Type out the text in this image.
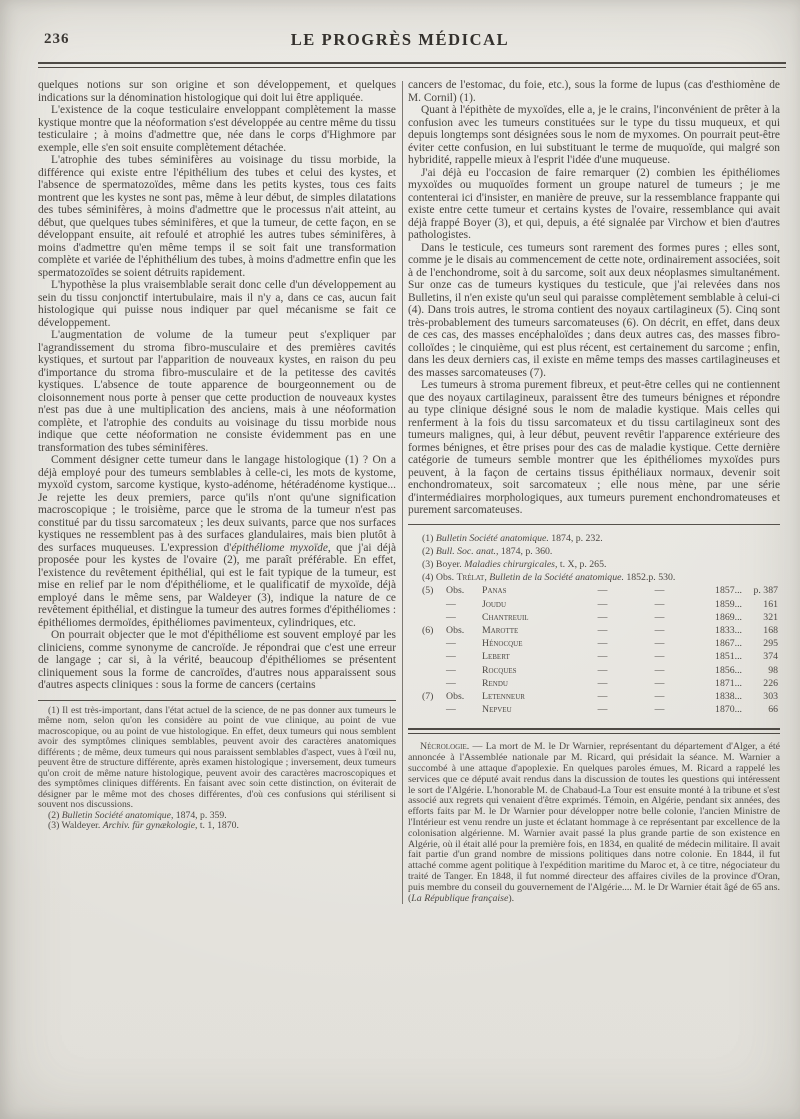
236	LE PROGRÈS MÉDICAL

quelques notions sur son origine et son développement, et quelques indications sur la dénomination histologique qui doit lui être appliquée.

L'existence de la coque testiculaire enveloppant complètement la masse kystique montre que la néoformation s'est développée au centre même du tissu testiculaire ; à moins d'admettre que, née dans le corps d'Highmore par exemple, elle s'en soit ensuite complètement détachée.

L'atrophie des tubes séminifères au voisinage du tissu morbide, la différence qui existe entre l'épithélium des tubes et celui des kystes, et l'absence de spermatozoïdes, même dans les petits kystes, tous ces faits montrent que les kystes ne sont pas, même à leur début, de simples dilatations des tubes séminifères, à moins d'admettre que le processus n'ait atteint, au début, que quelques tubes séminifères, et que la tumeur, de cette façon, en se développant ensuite, ait refoulé et atrophié les autres tubes séminifères, à moins d'admettre qu'en même temps il se soit fait une transformation complète et variée de l'éphithélium des tubes, à moins d'admettre enfin que les spermatozoïdes se soient détruits rapidement.

L'hypothèse la plus vraisemblable serait donc celle d'un développement au sein du tissu conjonctif intertubulaire, mais il n'y a, dans ce cas, aucun fait histologique qui puisse nous indiquer par quel mécanisme se fait ce développement.

L'augmentation de volume de la tumeur peut s'expliquer par l'agrandissement du stroma fibro-musculaire et des premières cavités kystiques, et surtout par l'apparition de nouveaux kystes, en raison du peu d'importance du stroma fibro-musculaire et de la petitesse des cavités kystiques. L'absence de toute apparence de bourgeonnement ou de cloisonnement nous porte à penser que cette production de nouveaux kystes n'est pas due à une multiplication des anciens, mais à une néoformation complète, et l'atrophie des conduits au voisinage du tissu morbide nous indique que cette néoformation ne consiste évidemment pas en une transformation des tubes séminifères.

Comment désigner cette tumeur dans le langage histologique (1) ? On a déjà employé pour des tumeurs semblables à celle-ci, les mots de kystome, myxoïd cystom, sarcome kystique, kysto-adénome, hétéradénome kystique... Je rejette les deux premiers, parce qu'ils n'ont qu'une signification macroscopique ; le troisième, parce que le stroma de la tumeur n'est pas constitué par du tissu sarcomateux ; les deux suivants, parce que nos surfaces kystiques ne ressemblent pas à des surfaces glandulaires, mais bien plutôt à des surfaces muqueuses. L'expression d'épithéliome myxoïde, que j'ai déjà proposée pour les kystes de l'ovaire (2), me paraît préférable. En effet, l'existence du revêtement épithélial, qui est le fait typique de la tumeur, est mise en relief par le nom d'épithéliome, et le qualificatif de myxoïde, déjà employé dans le même sens, par Waldeyer (3), indique la nature de ce revêtement épithélial, et distingue la tumeur des autres formes d'épithéliomes : épithéliomes dermoïdes, épithéliomes pavimenteux, cylindriques, etc.

On pourrait objecter que le mot d'épithéliome est souvent employé par les cliniciens, comme synonyme de cancroïde. Je répondrai que c'est une erreur de langage ; car si, à la vérité, beaucoup d'épithéliomes se présentent cliniquement sous la forme de cancroïdes, d'autres nous apparaissent sous d'autres aspects cliniques : sous la forme de cancers (certains

(1) Il est très-important, dans l'état actuel de la science, de ne pas donner aux tumeurs le même nom, selon qu'on les considère au point de vue clinique, au point de vue macroscopique, ou au point de vue histologique. En effet, deux tumeurs qui nous semblent avoir des symptômes cliniques semblables, peuvent avoir des caractères anatomiques différents ; de même, deux tumeurs qui nous paraissent semblables d'aspect, vues à l'œil nu, peuvent être de structure différente, après examen histologique ; inversement, deux tumeurs qu'on croit de même nature histologique, peuvent avoir des caractères macroscopiques et des symptômes cliniques différents. En faisant avec soin cette distinction, on éviterait de désigner par le même mot des choses différentes, d'où ces confusions qui stérilisent si souvent nos discussions.

(2) Bulletin Société anatomique, 1874, p. 359.

(3) Waldeyer. Archiv. für gynækologie, t. 1, 1870.

cancers de l'estomac, du foie, etc.), sous la forme de lupus (cas d'esthiomène de M. Cornil) (1).

Quant à l'épithète de myxoïdes, elle a, je le crains, l'inconvénient de prêter à la confusion avec les tumeurs constituées sur le type du tissu muqueux, et qui depuis longtemps sont désignées sous le nom de myxomes. On pourrait peut-être éviter cette confusion, en lui substituant le terme de muquoïde, qui malgré son hybridité, rappelle mieux à l'esprit l'idée d'une muqueuse.

J'ai déjà eu l'occasion de faire remarquer (2) combien les épithéliomes myxoïdes ou muquoïdes forment un groupe naturel de tumeurs ; je me contenterai ici d'insister, en manière de preuve, sur la ressemblance frappante qui existe entre cette tumeur et certains kystes de l'ovaire, ressemblance qui avait déjà frappé Boyer (3), et qui, depuis, a été signalée par Virchow et bien d'autres pathologistes.

Dans le testicule, ces tumeurs sont rarement des formes pures ; elles sont, comme je le disais au commencement de cette note, ordinairement associées, soit à de l'enchondrome, soit à du sarcome, soit aux deux néoplasmes simultanément. Sur onze cas de tumeurs kystiques du testicule, que j'ai relevées dans nos Bulletins, il n'en existe qu'un seul qui paraisse complètement semblable à celui-ci (4). Dans trois autres, le stroma contient des noyaux cartilagineux (5). Cinq sont très-probablement des tumeurs sarcomateuses (6). On décrit, en effet, dans deux de ces cas, des masses encéphaloïdes ; dans deux autres cas, des masses fibro-colloïdes ; le cinquième, qui est plus récent, est certainement du sarcome ; enfin, dans les deux derniers cas, il existe en même temps des masses cartilagineuses et des masses sarcomateuses (7).

Les tumeurs à stroma purement fibreux, et peut-être celles qui ne contiennent que des noyaux cartilagineux, paraissent être des tumeurs bénignes et répondre au type clinique désigné sous le nom de maladie kystique. Mais celles qui renferment à la fois du tissu sarcomateux et du tissu cartilagineux sont des tumeurs malignes, qui, à leur début, peuvent revêtir l'apparence extérieure des formes bénignes, et être prises pour des cas de maladie kystique. Cette dernière catégorie de tumeurs semble montrer que les épithéliomes myxoïdes purs peuvent, à la façon de certains tissus épithéliaux normaux, devenir soit enchondromateux, soit sarcomateux ; elle nous mène, par une série d'intermédiaires morphologiques, aux tumeurs purement enchondromateuses et purement sarcomateuses.

(1) Bulletin Société anatomique. 1874, p. 232.
(2) Bull. Soc. anat., 1874, p. 360.
(3) Boyer. Maladies chirurgicales, t. X, p. 265.
(4) Obs. Trélat, Bulletin de la Société anatomique. 1852.p. 530.
(5)	Obs.	Panas	—	—	1857...	p. 387
—	Joudu	—	—	1859...	161
—	Chantreuil	—	—	1869...	321
(6)	Obs.	Marotte	—	—	1833...	168
—	Hénocque	—	—	1867...	295
—	Lebert	—	—	1851...	374
—	Rocques	—	—	1856...	98
—	Rendu	—	—	1871...	226
(7)	Obs.	Letenneur	—	—	1838...	303
—	Nepveu	—	—	1870...	66

Nécrologie. — La mort de M. le Dr Warnier, représentant du département d'Alger, a été annoncée à l'Assemblée nationale par M. Ricard, qui présidait la séance. M. Warnier a succombé à une attaque d'apoplexie. En quelques paroles émues, M. Ricard a rappelé les services que ce député avait rendus dans la discussion de toutes les questions qui intéressent le sort de l'Algérie. L'honorable M. de Chabaud-La Tour est ensuite monté à la tribune et s'est associé aux regrets qui venaient d'être exprimés. Témoin, en Algérie, pendant six années, des efforts faits par M. le Dr Warnier pour développer notre belle colonie, l'ancien Ministre de l'Intérieur est venu rendre un juste et éclatant hommage à ce représentant par excellence de la colonisation algérienne. M. Warnier avait passé la plus grande partie de son existence en Algérie, où il était allé pour la première fois, en 1834, en qualité de médecin militaire. Il avait fait partie d'un grand nombre de missions politiques dans notre colonie. En 1844, il fut attaché comme agent politique à l'expédition maritime du Maroc et, à ce titre, négociateur du traité de Tanger. En 1848, il fut nommé directeur des affaires civiles de la province d'Oran, puis membre du conseil du gouvernement de l'Algérie.... M. le Dr Warnier était âgé de 65 ans. (La République française).
